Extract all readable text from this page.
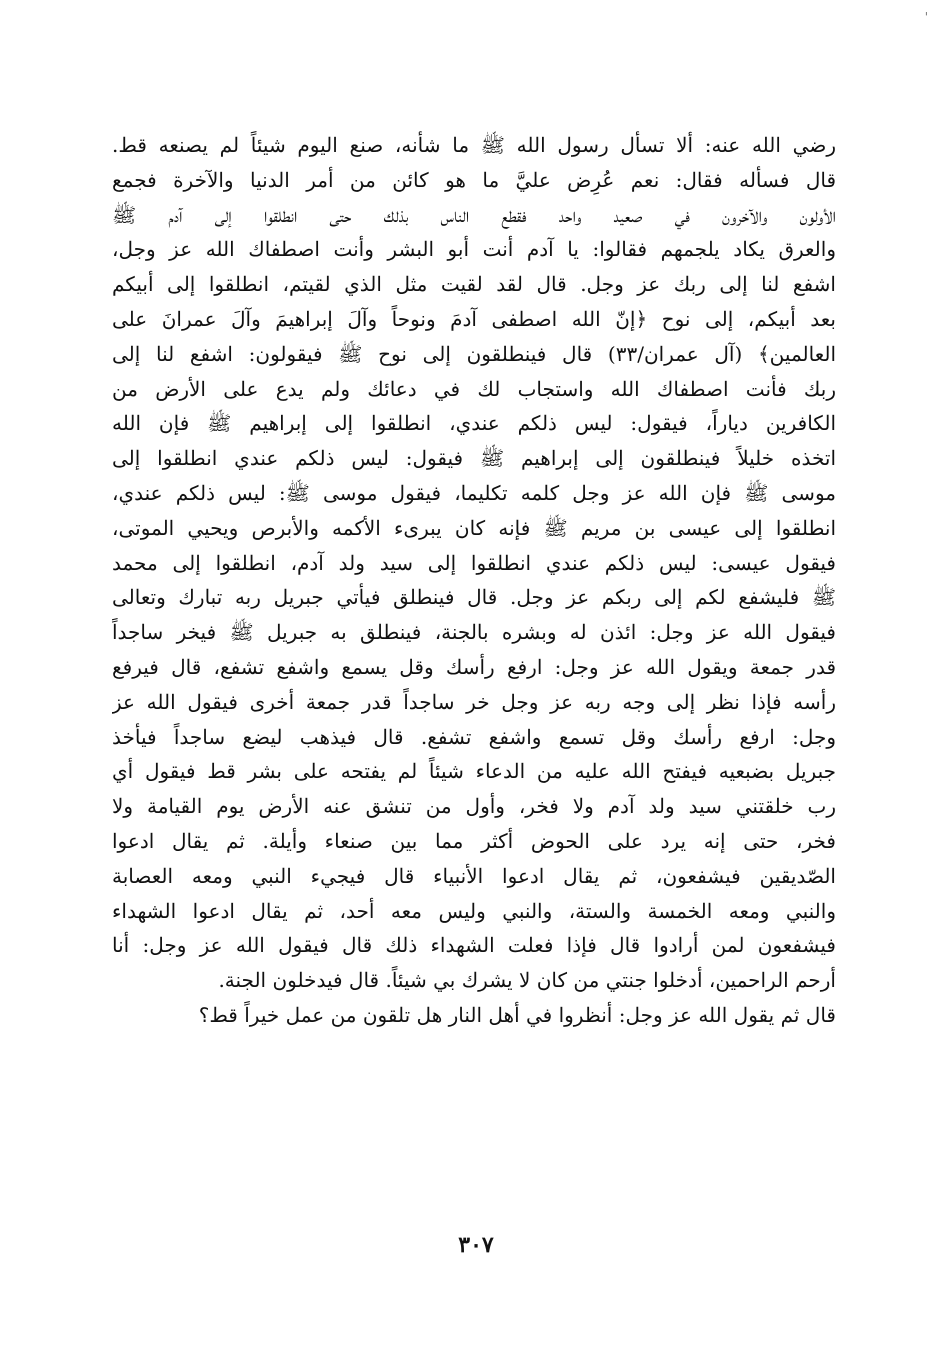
'
رضي الله عنه: ألا تسأل رسول الله ﷺ ما شأنه، صنع اليوم شيئاً لم يصنعه قط.
قال فسأله فقال: نعم عُرِض عليَّ ما هو كائن من أمر الدنيا والآخرة فجمع
الأولون والآخرون في صعيد واحد فقطع الناس بذلك حتى انطلقوا إلى آدم ﷺ
والعرق يكاد يلجمهم فقالوا: يا آدم أنت أبو البشر وأنت اصطفاك الله عز وجل،
اشفع لنا إلى ربك عز وجل. قال لقد لقيت مثل الذي لقيتم، انطلقوا إلى أبيكم
بعد أبيكم، إلى نوح ﴿إنّ الله اصطفى آدمَ ونوحاً وآلَ إبراهيمَ وآلَ عمرانَ على
العالمين﴾ (آل عمران/٣٣) قال فينطلقون إلى نوح ﷺ فيقولون: اشفع لنا إلى
ربك فأنت اصطفاك الله واستجاب لك في دعائك ولم يدع على الأرض من
الكافرين دياراً، فيقول: ليس ذلكم عندي، انطلقوا إلى إبراهيم ﷺ فإن الله
اتخذه خليلاً فينطلقون إلى إبراهيم ﷺ فيقول: ليس ذلكم عندي انطلقوا إلى
موسى ﷺ فإن الله عز وجل كلمه تكليما، فيقول موسى ﷺ: ليس ذلكم عندي،
انطلقوا إلى عيسى بن مريم ﷺ فإنه كان يبرىء الأكمه والأبرص ويحيي الموتى،
فيقول عيسى: ليس ذلكم عندي انطلقوا إلى سيد ولد آدم، انطلقوا إلى محمد
ﷺ فليشفع لكم إلى ربكم عز وجل. قال فينطلق فيأتي جبريل ربه تبارك وتعالى
فيقول الله عز وجل: ائذن له وبشره بالجنة، فينطلق به جبريل ﷺ فيخر ساجداً
قدر جمعة ويقول الله عز وجل: ارفع رأسك وقل يسمع واشفع تشفع، قال فيرفع
رأسه فإذا نظر إلى وجه ربه عز وجل خر ساجداً قدر جمعة أخرى فيقول الله عز
وجل: ارفع رأسك وقل تسمع واشفع تشفع. قال فيذهب ليضع ساجداً فيأخذ
جبريل بضبعيه فيفتح الله عليه من الدعاء شيئاً لم يفتحه على بشر قط فيقول أي
رب خلقتني سيد ولد آدم ولا فخر، وأول من تنشق عنه الأرض يوم القيامة ولا
فخر، حتى إنه يرد على الحوض أكثر مما بين صنعاء وأيلة. ثم يقال ادعوا
الصّديقين فيشفعون، ثم يقال ادعوا الأنبياء قال فيجيء النبي ومعه العصابة
والنبي ومعه الخمسة والستة، والنبي وليس معه أحد، ثم يقال ادعوا الشهداء
فيشفعون لمن أرادوا قال فإذا فعلت الشهداء ذلك قال فيقول الله عز وجل: أنا
أرحم الراحمين، أدخلوا جنتي من كان لا يشرك بي شيئاً. قال فيدخلون الجنة.
قال ثم يقول الله عز وجل: أنظروا في أهل النار هل تلقون من عمل خيراً قط؟
٣٠٧
